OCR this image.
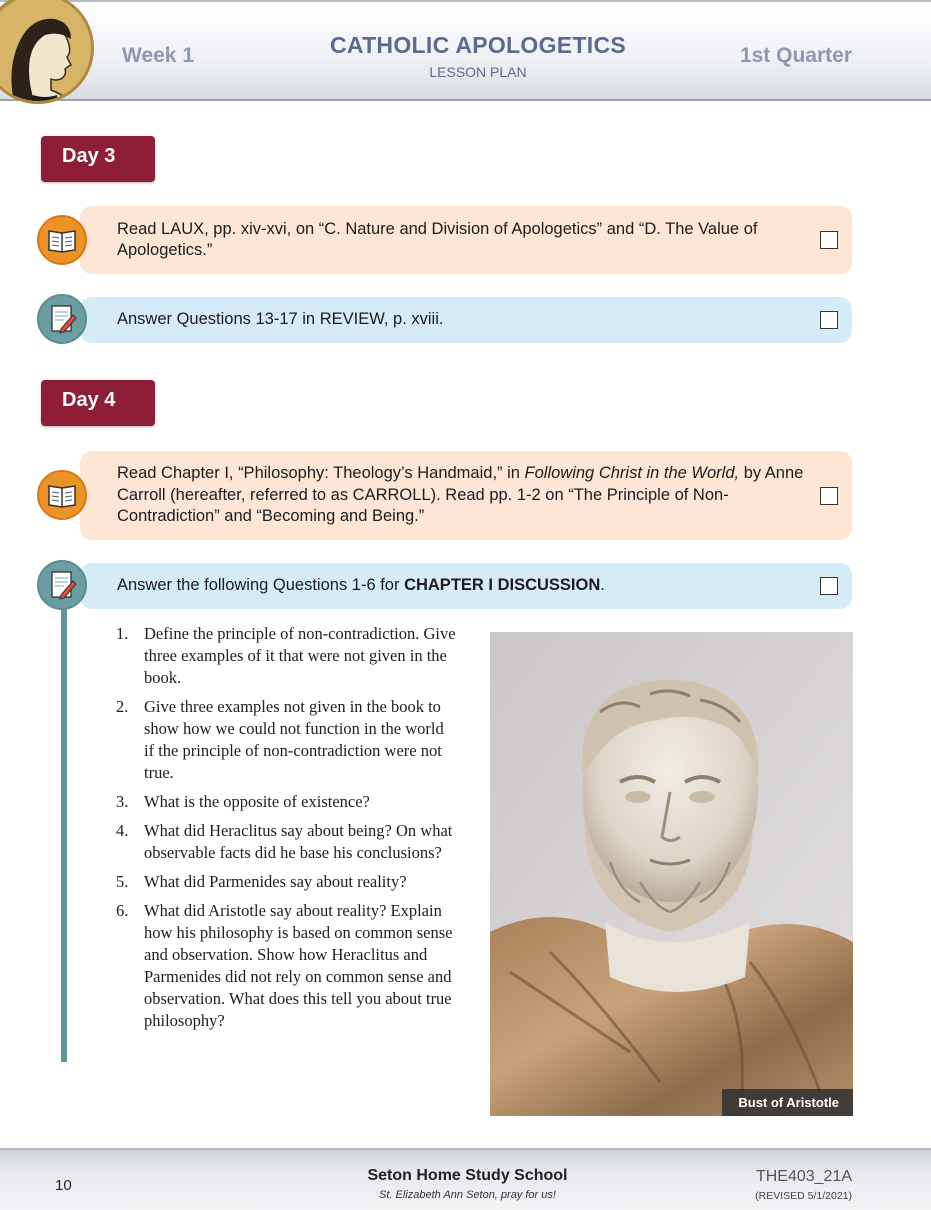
Week 1	CATHOLIC APOLOGETICS
LESSON PLAN
1st Quarter
Day 3
Read LAUX, pp. xiv-xvi, on “C. Nature and Division of Apologetics” and “D. The Value of Apologetics.”
Answer Questions 13-17 in REVIEW, p. xviii.
Day 4
Read Chapter I, “Philosophy: Theology’s Handmaid,” in Following Christ in the World, by Anne Carroll (hereafter, referred to as CARROLL). Read pp. 1-2 on “The Principle of Non-Contradiction” and “Becoming and Being.”
Answer the following Questions 1-6 for CHAPTER I DISCUSSION.
1. Define the principle of non-contradiction. Give three examples of it that were not given in the book.
2. Give three examples not given in the book to show how we could not function in the world if the principle of non-contradiction were not true.
3. What is the opposite of existence?
4. What did Heraclitus say about being? On what observable facts did he base his conclusions?
5. What did Parmenides say about reality?
6. What did Aristotle say about reality? Explain how his philosophy is based on common sense and observation. Show how Heraclitus and Parmenides did not rely on common sense and observation. What does this tell you about true philosophy?
Bust of Aristotle
10
Seton Home Study School
St. Elizabeth Ann Seton, pray for us!
THE403_21A
(REVISED 5/1/2021)
